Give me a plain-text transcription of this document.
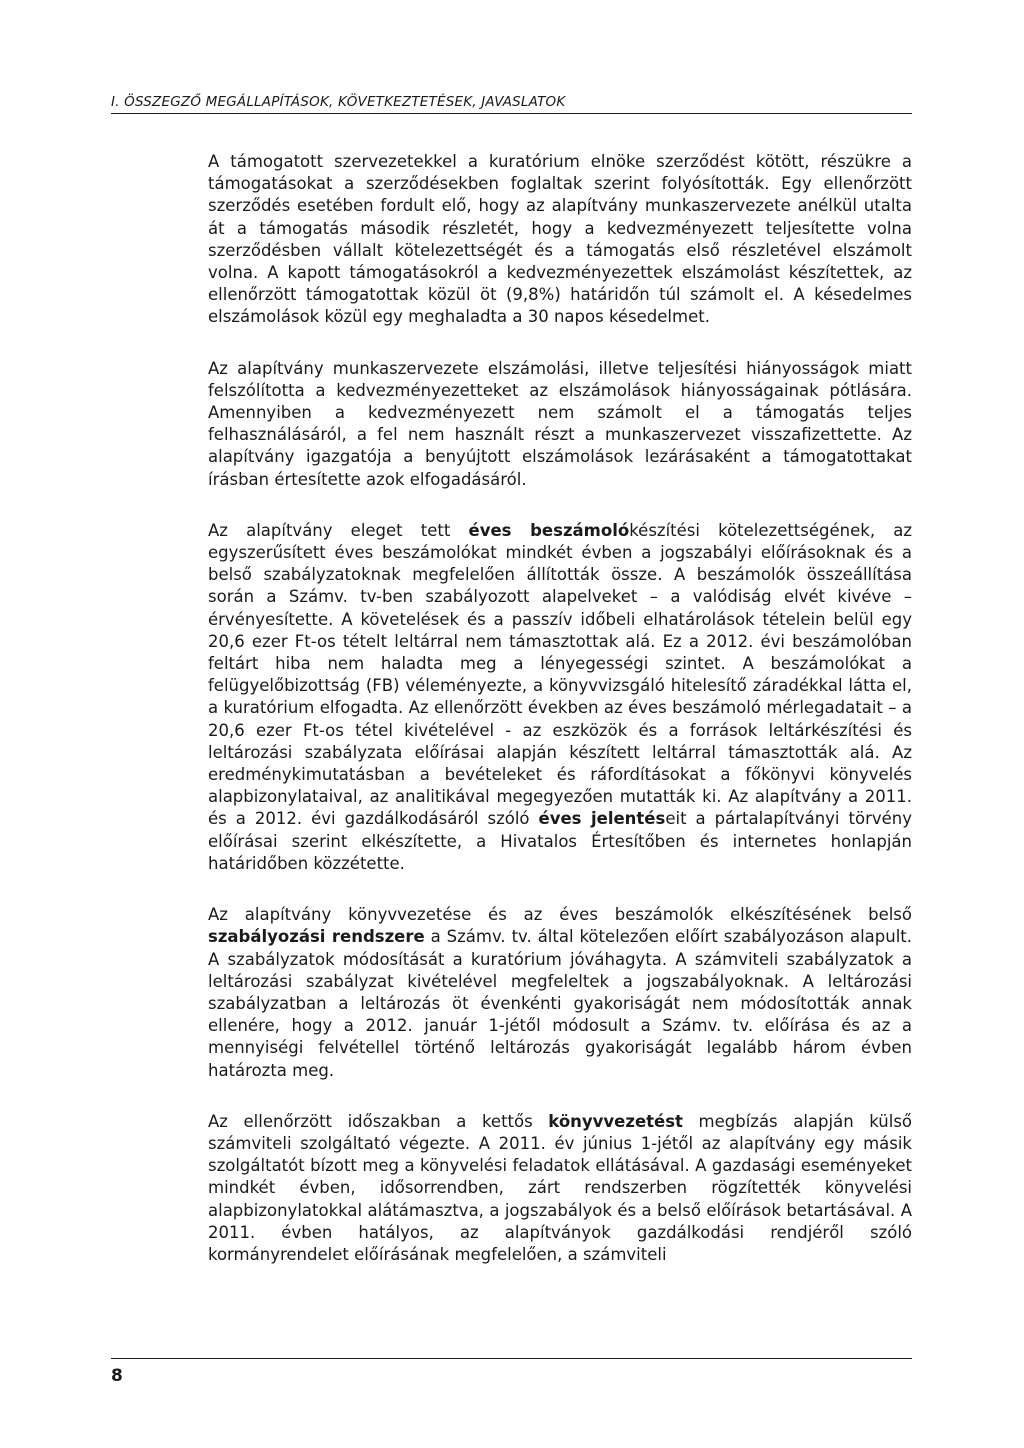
I. ÖSSZEGZŐ MEGÁLLAPÍTÁSOK, KÖVETKEZTETÉSEK, JAVASLATOK

A támogatott szervezetekkel a kuratórium elnöke szerződést kötött, részükre a támogatásokat a szerződésekben foglaltak szerint folyósították. Egy ellenőrzött szerződés esetében fordult elő, hogy az alapítvány munkaszervezete anélkül utalta át a támogatás második részletét, hogy a kedvezményezett teljesítette volna szerződésben vállalt kötelezettségét és a támogatás első részletével elszámolt volna. A kapott támogatásokról a kedvezményezettek elszámolást készítettek, az ellenőrzött támogatottak közül öt (9,8%) határidőn túl számolt el. A késedelmes elszámolások közül egy meghaladta a 30 napos késedelmet.

Az alapítvány munkaszervezete elszámolási, illetve teljesítési hiányosságok miatt felszólította a kedvezményezetteket az elszámolások hiányosságainak pótlására. Amennyiben a kedvezményezett nem számolt el a támogatás teljes felhasználásáról, a fel nem használt részt a munkaszervezet visszafizettette. Az alapítvány igazgatója a benyújtott elszámolások lezárásaként a támogatottakat írásban értesítette azok elfogadásáról.

Az alapítvány eleget tett éves beszámolókészítési kötelezettségének, az egyszerűsített éves beszámolókat mindkét évben a jogszabályi előírásoknak és a belső szabályzatoknak megfelelően állították össze. A beszámolók összeállítása során a Számv. tv-ben szabályozott alapelveket – a valódiság elvét kivéve – érvényesítette. A követelések és a passzív időbeli elhatárolások tételein belül egy 20,6 ezer Ft-os tételt leltárral nem támasztottak alá. Ez a 2012. évi beszámolóban feltárt hiba nem haladta meg a lényegességi szintet. A beszámolókat a felügyelőbizottság (FB) véleményezte, a könyvvizsgáló hitelesítő záradékkal látta el, a kuratórium elfogadta. Az ellenőrzött években az éves beszámoló mérlegadatait – a 20,6 ezer Ft-os tétel kivételével - az eszközök és a források leltárkészítési és leltározási szabályzata előírásai alapján készített leltárral támasztották alá. Az eredménykimutatásban a bevételeket és ráfordításokat a főkönyvi könyvelés alapbizonylataival, az analitikával megegyezően mutatták ki. Az alapítvány a 2011. és a 2012. évi gazdálkodásáról szóló éves jelentéseit a pártalapítványi törvény előírásai szerint elkészítette, a Hivatalos Értesítőben és internetes honlapján határidőben közzétette.

Az alapítvány könyvvezetése és az éves beszámolók elkészítésének belső szabályozási rendszere a Számv. tv. által kötelezően előírt szabályozáson alapult. A szabályzatok módosítását a kuratórium jóváhagyta. A számviteli szabályzatok a leltározási szabályzat kivételével megfeleltek a jogszabályoknak. A leltározási szabályzatban a leltározás öt évenkénti gyakoriságát nem módosították annak ellenére, hogy a 2012. január 1-jétől módosult a Számv. tv. előírása és az a mennyiségi felvétellel történő leltározás gyakoriságát legalább három évben határozta meg.

Az ellenőrzött időszakban a kettős könyvvezetést megbízás alapján külső számviteli szolgáltató végezte. A 2011. év június 1-jétől az alapítvány egy másik szolgáltatót bízott meg a könyvelési feladatok ellátásával. A gazdasági eseményeket mindkét évben, idősorrendben, zárt rendszerben rögzítették könyvelési alapbizonylatokkal alátámasztva, a jogszabályok és a belső előírások betartásával. A 2011. évben hatályos, az alapítványok gazdálkodási rendjéről szóló kormányrendelet előírásának megfelelően, a számviteli

8
